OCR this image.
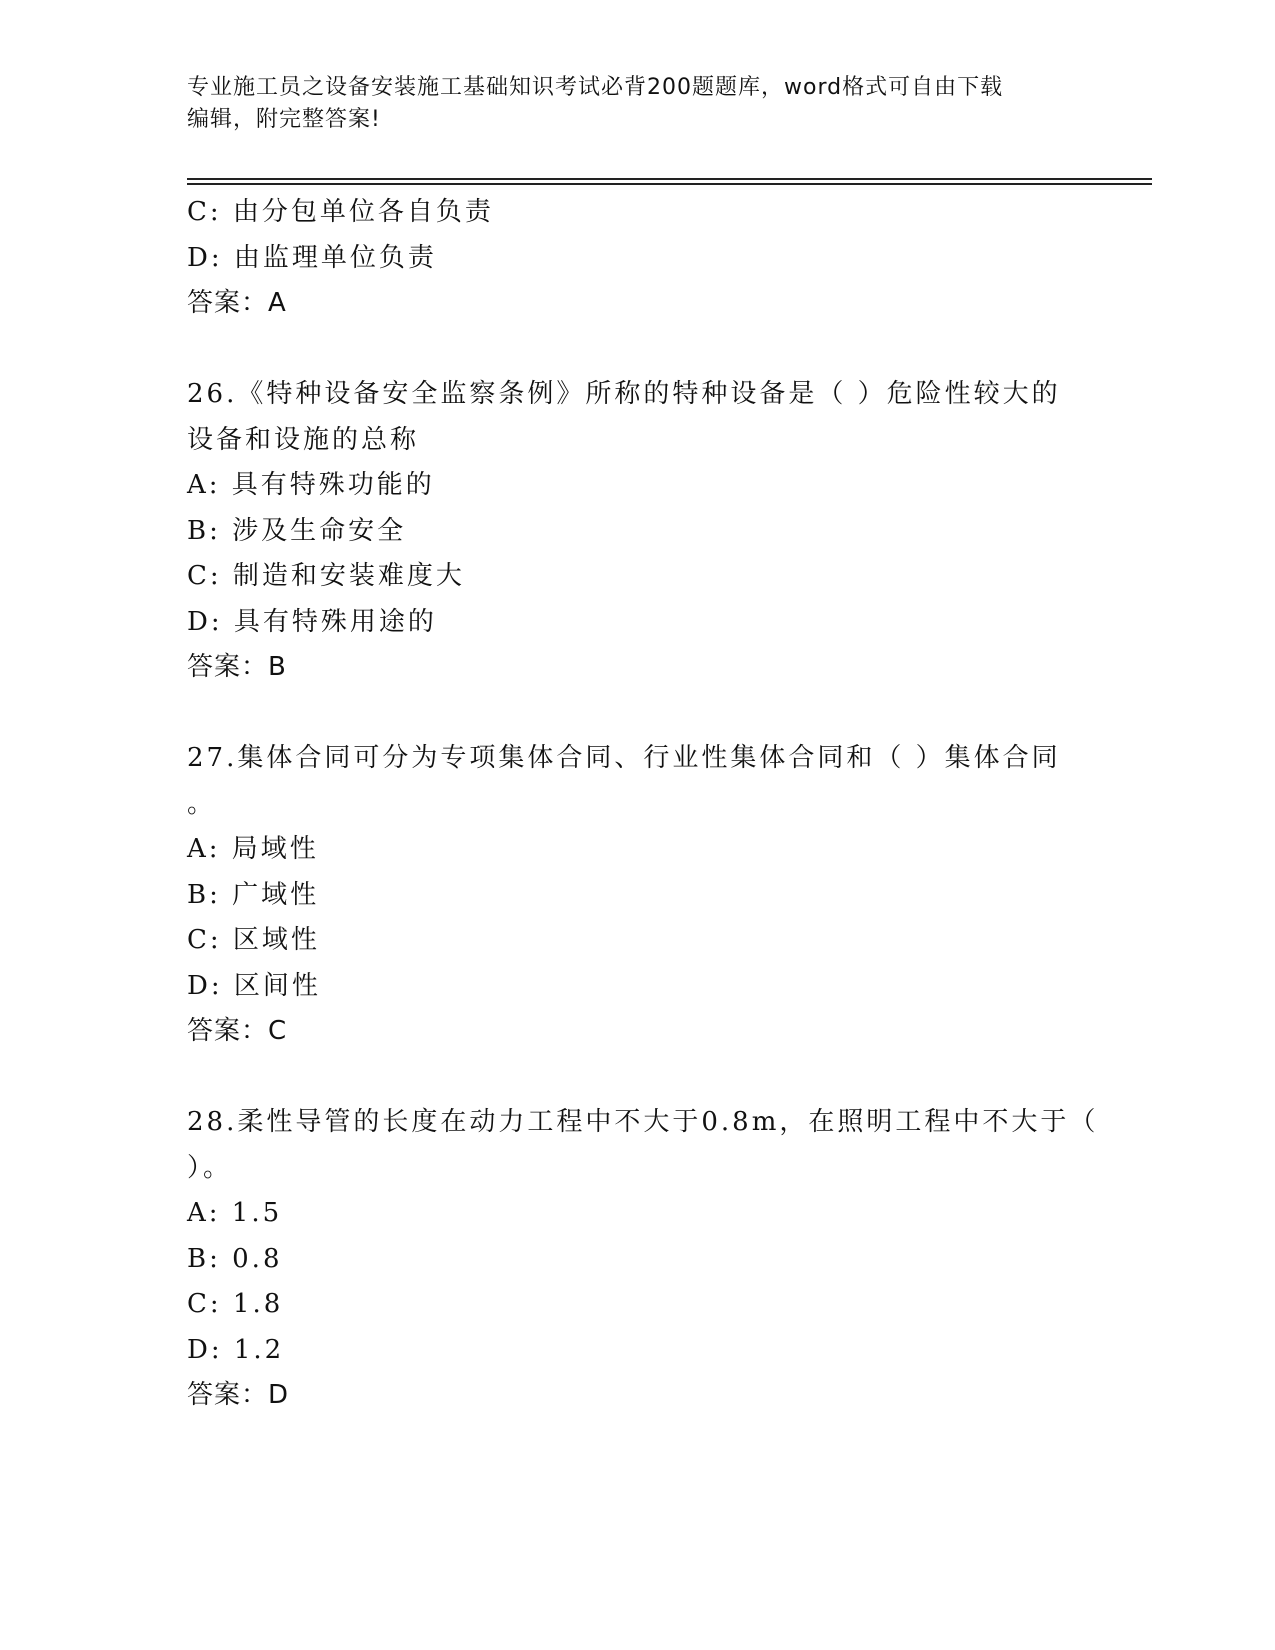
专业施工员之设备安装施工基础知识考试必背200题题库，word格式可自由下载
编辑，附完整答案!
C: 由分包单位各自负责
D: 由监理单位负责
答案：A
26.《特种设备安全监察条例》所称的特种设备是（ ）危险性较大的
设备和设施的总称
A: 具有特殊功能的
B: 涉及生命安全
C: 制造和安装难度大
D: 具有特殊用途的
答案：B
27.集体合同可分为专项集体合同、行业性集体合同和（ ）集体合同
。
A: 局域性
B: 广域性
C: 区域性
D: 区间性
答案：C
28.柔性导管的长度在动力工程中不大于0.8m，在照明工程中不大于（
）。
A: 1.5
B: 0.8
C: 1.8
D: 1.2
答案：D
